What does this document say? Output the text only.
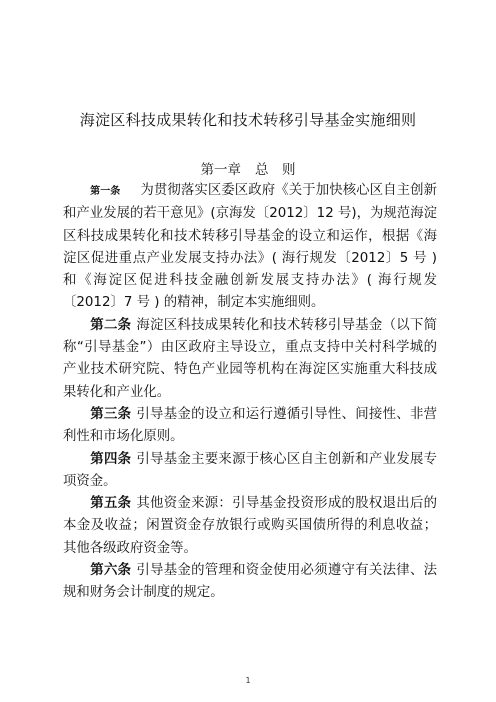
海淀区科技成果转化和技术转移引导基金实施细则
第一章 总　则

第一条 为贯彻落实区委区政府《关于加快核心区自主创新和产业发展的若干意见》(京海发〔2012〕12 号)，为规范海淀区科技成果转化和技术转移引导基金的设立和运作，根据《海淀区促进重点产业发展支持办法》( 海行规发〔2012〕5 号 ) 和《海淀区促进科技金融创新发展支持办法》( 海行规发〔2012〕7 号 ) 的精神，制定本实施细则。

第二条 海淀区科技成果转化和技术转移引导基金（以下简称“引导基金”）由区政府主导设立，重点支持中关村科学城的产业技术研究院、特色产业园等机构在海淀区实施重大科技成果转化和产业化。

第三条 引导基金的设立和运行遵循引导性、间接性、非营利性和市场化原则。

第四条 引导基金主要来源于核心区自主创新和产业发展专项资金。

第五条 其他资金来源：引导基金投资形成的股权退出后的本金及收益；闲置资金存放银行或购买国债所得的利息收益；其他各级政府资金等。

第六条 引导基金的管理和资金使用必须遵守有关法律、法规和财务会计制度的规定。

1
